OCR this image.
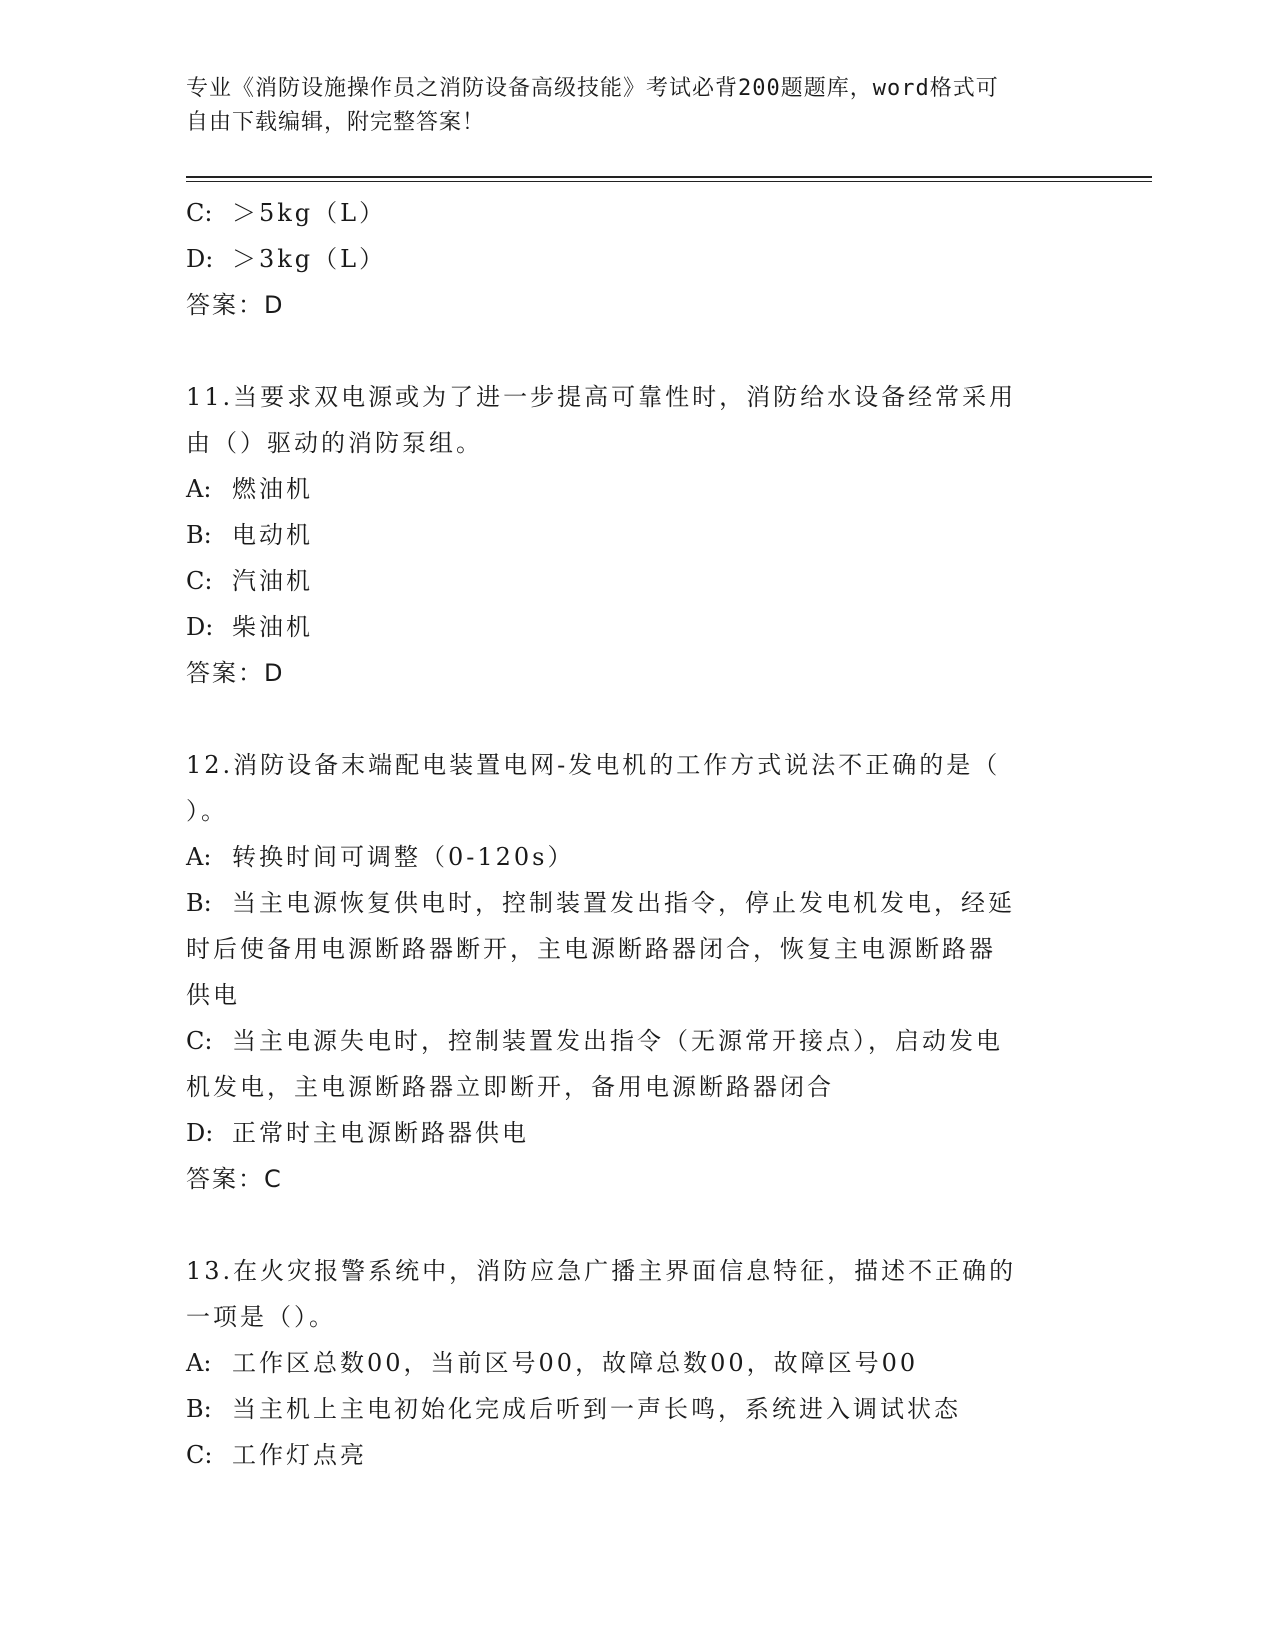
专业《消防设施操作员之消防设备高级技能》考试必背200题题库，word格式可
自由下载编辑，附完整答案！
C: ＞5kg（L）
D: ＞3kg（L）
答案：D
11.当要求双电源或为了进一步提高可靠性时，消防给水设备经常采用
由（）驱动的消防泵组。
A: 燃油机
B: 电动机
C: 汽油机
D: 柴油机
答案：D
12.消防设备末端配电装置电网-发电机的工作方式说法不正确的是（
）。
A: 转换时间可调整（0-120s）
B: 当主电源恢复供电时，控制装置发出指令，停止发电机发电，经延
时后使备用电源断路器断开，主电源断路器闭合，恢复主电源断路器
供电
C: 当主电源失电时，控制装置发出指令（无源常开接点），启动发电
机发电，主电源断路器立即断开，备用电源断路器闭合
D: 正常时主电源断路器供电
答案：C
13.在火灾报警系统中，消防应急广播主界面信息特征，描述不正确的
一项是（）。
A: 工作区总数00，当前区号00，故障总数00，故障区号00
B: 当主机上主电初始化完成后听到一声长鸣，系统进入调试状态
C: 工作灯点亮
